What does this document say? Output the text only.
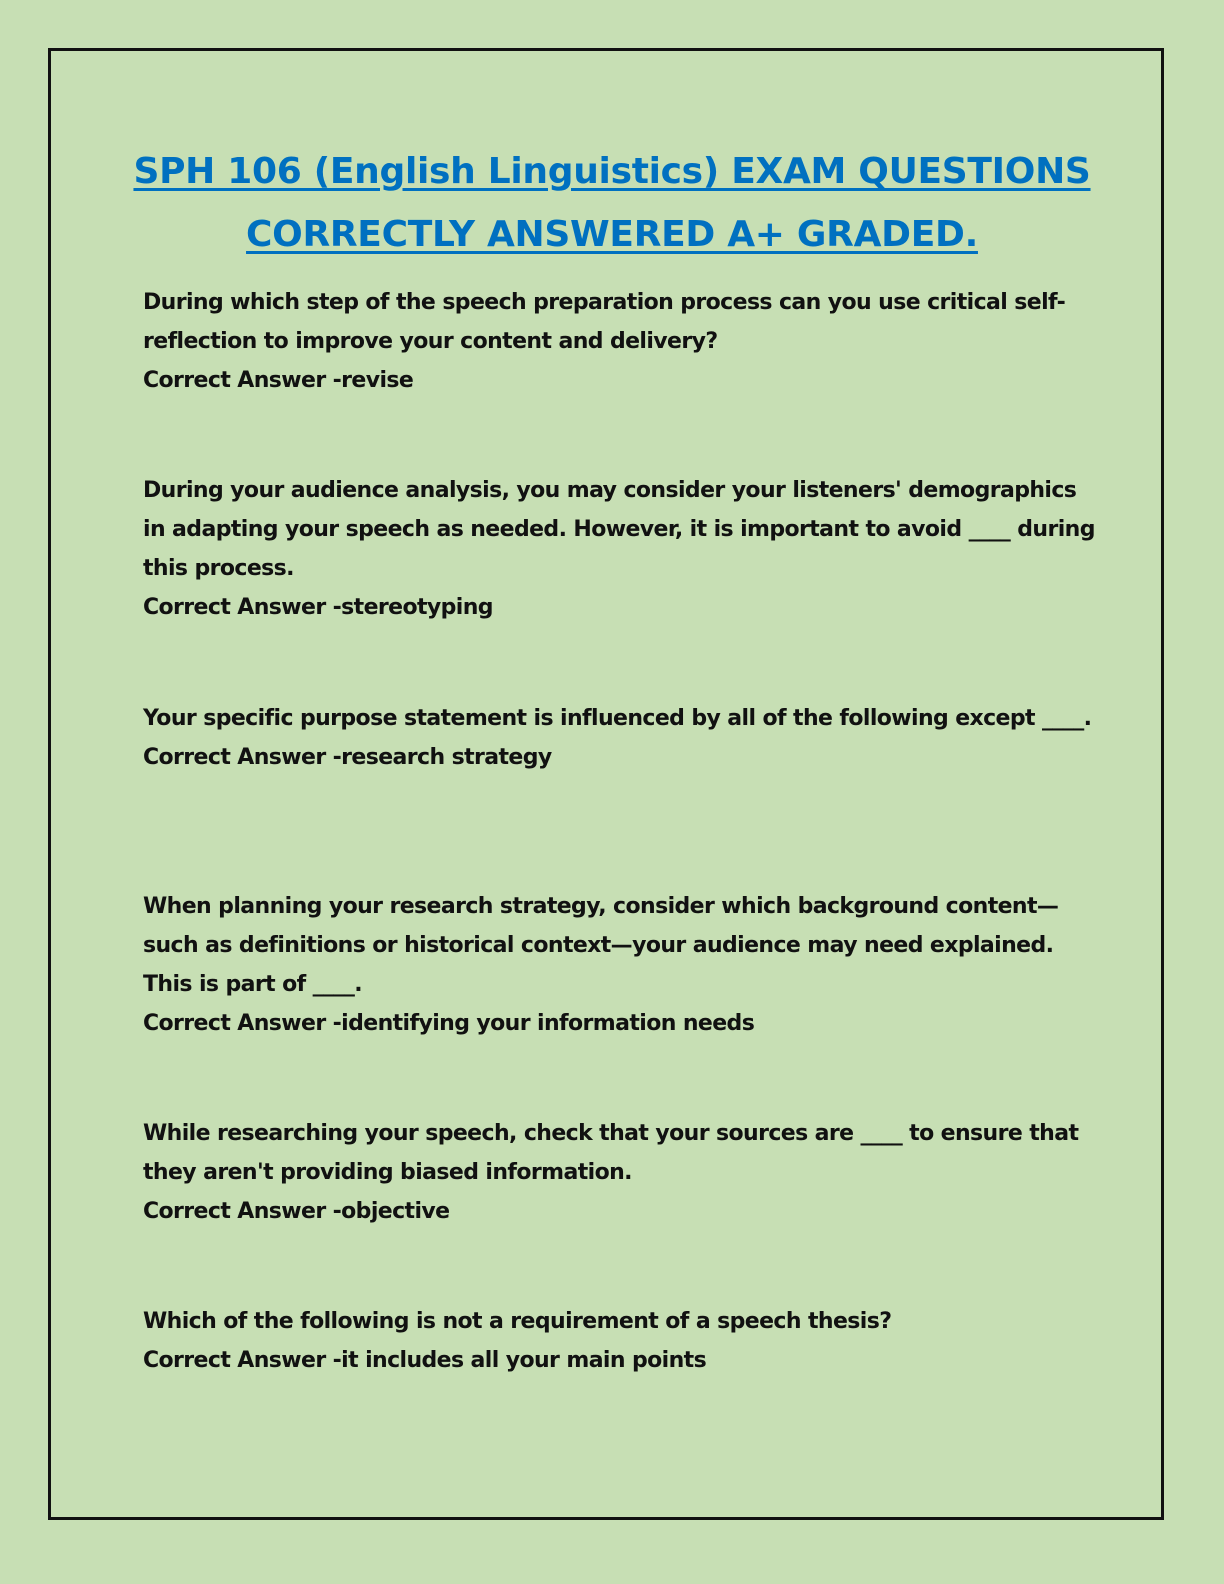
SPH 106 (English Linguistics) EXAM QUESTIONS
CORRECTLY ANSWERED A+ GRADED.

During which step of the speech preparation process can you use critical self-reflection to improve your content and delivery?

Correct Answer -revise

During your audience analysis, you may consider your listeners' demographics in adapting your speech as needed. However, it is important to avoid ____ during this process.

Correct Answer -stereotyping

Your specific purpose statement is influenced by all of the following except ____.

Correct Answer -research strategy

When planning your research strategy, consider which background content—such as definitions or historical context—your audience may need explained. This is part of ____.

Correct Answer -identifying your information needs

While researching your speech, check that your sources are ____ to ensure that they aren't providing biased information.

Correct Answer -objective

Which of the following is not a requirement of a speech thesis?

Correct Answer -it includes all your main points
